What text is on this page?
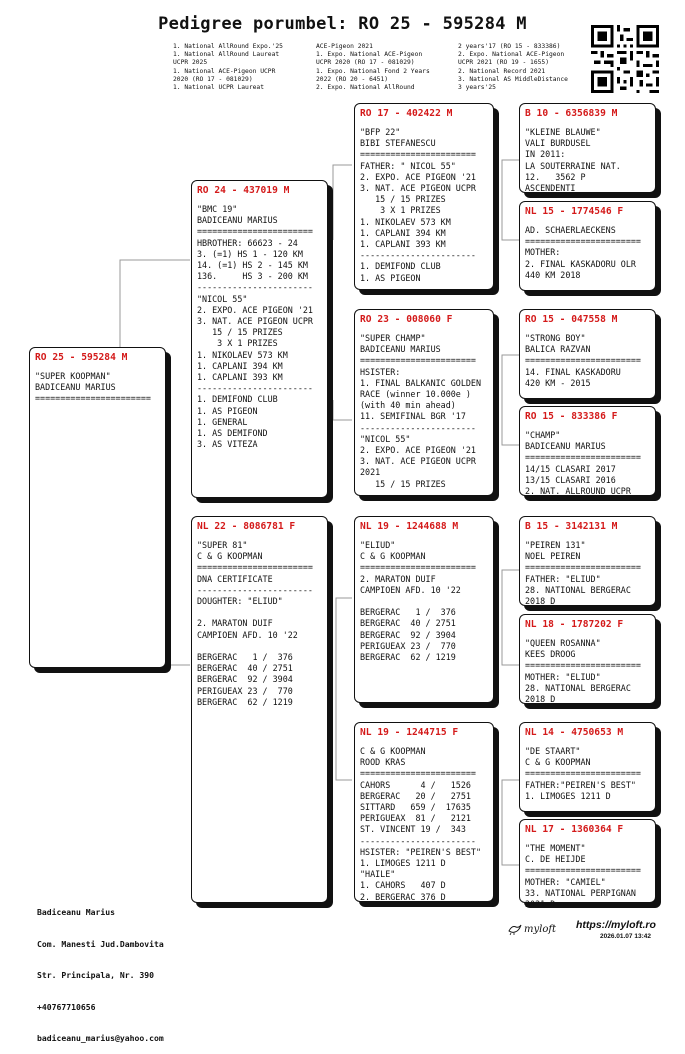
Pedigree porumbel: RO 25 - 595284 M
1. National AllRound Expo.'25
1. National AllRound Laureat
UCPR 2025
1. National ACE-Pigeon UCPR
2020 (RO 17 - 081029)
1. National UCPR Laureat
ACE-Pigeon 2021
1. Expo. National ACE-Pigeon
UCPR 2020 (RO 17 - 081029)
1. Expo. National Fond 2 Years
2022 (RO 20 - 6451)
2. Expo. National AllRound
2 years'17 (RO 15 - 833386)
2. Expo. National ACE-Pigeon
UCPR 2021 (RO 19 - 1655)
2. National Record 2021
3. National AS MiddleDistance
3 years'25
RO 25 - 595284 M
"SUPER KOOPMAN"
BADICEANU MARIUS
=======================
RO 24 - 437019 M
"BMC 19"
BADICEANU MARIUS
=======================
HBROTHER: 66623 - 24
3. (=1) HS 1 - 120 KM
14. (=1) HS 2 - 145 KM
136.     HS 3 - 200 KM
-----------------------
"NICOL 55"
2. EXPO. ACE PIGEON '21
3. NAT. ACE PIGEON UCPR
15 / 15 PRIZES
3 X 1 PRIZES
1. NIKOLAEV 573 KM
1. CAPLANI 394 KM
1. CAPLANI 393 KM
-----------------------
1. DEMIFOND CLUB
1. AS PIGEON
1. GENERAL
1. AS DEMIFOND
3. AS VITEZA
NL 22 - 8086781 F
"SUPER 81"
C & G KOOPMAN
=======================
DNA CERTIFICATE
-----------------------
DOUGHTER: "ELIUD"

2. MARATON DUIF
CAMPIOEN AFD. 10 '22

BERGERAC   1 /  376
BERGERAC  40 / 2751
BERGERAC  92 / 3904
PERIGUEAX 23 /  770
BERGERAC  62 / 1219
RO 17 - 402422 M
"BFP 22"
BIBI STEFANESCU
=======================
FATHER: " NICOL 55"
2. EXPO. ACE PIGEON '21
3. NAT. ACE PIGEON UCPR
15 / 15 PRIZES
3 X 1 PRIZES
1. NIKOLAEV 573 KM
1. CAPLANI 394 KM
1. CAPLANI 393 KM
-----------------------
1. DEMIFOND CLUB
1. AS PIGEON
RO 23 - 008060 F
"SUPER CHAMP"
BADICEANU MARIUS
=======================
HSISTER:
1. FINAL BALKANIC GOLDEN
RACE (winner 10.000e )
(with 40 min ahead)
11. SEMIFINAL BGR '17
-----------------------
"NICOL 55"
2. EXPO. ACE PIGEON '21
3. NAT. ACE PIGEON UCPR
2021
15 / 15 PRIZES
NL 19 - 1244688 M
"ELIUD"
C & G KOOPMAN
=======================
2. MARATON DUIF
CAMPIOEN AFD. 10 '22

BERGERAC   1 /  376
BERGERAC  40 / 2751
BERGERAC  92 / 3904
PERIGUEAX 23 /  770
BERGERAC  62 / 1219
NL 19 - 1244715 F
C & G KOOPMAN
ROOD KRAS
=======================
CAHORS      4 /   1526
BERGERAC   20 /   2751
SITTARD   659 /  17635
PERIGUEAX  81 /   2121
ST. VINCENT 19 /  343
-----------------------
HSISTER: "PEIREN'S BEST"
1. LIMOGES 1211 D
"HAILE"
1. CAHORS   407 D
2. BERGERAC 376 D
B 10 - 6356839 M
"KLEINE BLAUWE"
VALI BURDUSEL
IN 2011:
LA SOUTERRAINE NAT.
12.   3562 P
ASCENDENTI
NL 15 - 1774546 F
AD. SCHAERLAECKENS
=======================
MOTHER:
2. FINAL KASKADORU OLR
440 KM 2018
RO 15 - 047558 M
"STRONG BOY"
BALICA RAZVAN
=======================
14. FINAL KASKADORU
420 KM - 2015
RO 15 - 833386 F
"CHAMP"
BADICEANU MARIUS
=======================
14/15 CLASARI 2017
13/15 CLASARI 2016
2. NAT. ALLROUND UCPR
B 15 - 3142131 M
"PEIREN 131"
NOEL PEIREN
=======================
FATHER: "ELIUD"
28. NATIONAL BERGERAC
2018 D
NL 18 - 1787202 F
"QUEEN ROSANNA"
KEES DROOG
=======================
MOTHER: "ELIUD"
28. NATIONAL BERGERAC
2018 D
NL 14 - 4750653 M
"DE STAART"
C & G KOOPMAN
=======================
FATHER:"PEIREN'S BEST"
1. LIMOGES 1211 D
NL 17 - 1360364 F
"THE MOMENT"
C. DE HEIJDE
=======================
MOTHER: "CAMIEL"
33. NATIONAL PERPIGNAN
2021 D

Badiceanu Marius

Com. Manesti Jud.Dambovita

Str. Principala, Nr. 390

+40767710656

badiceanu_marius@yahoo.com

myloft https://myloft.ro
2026.01.07 13:42
